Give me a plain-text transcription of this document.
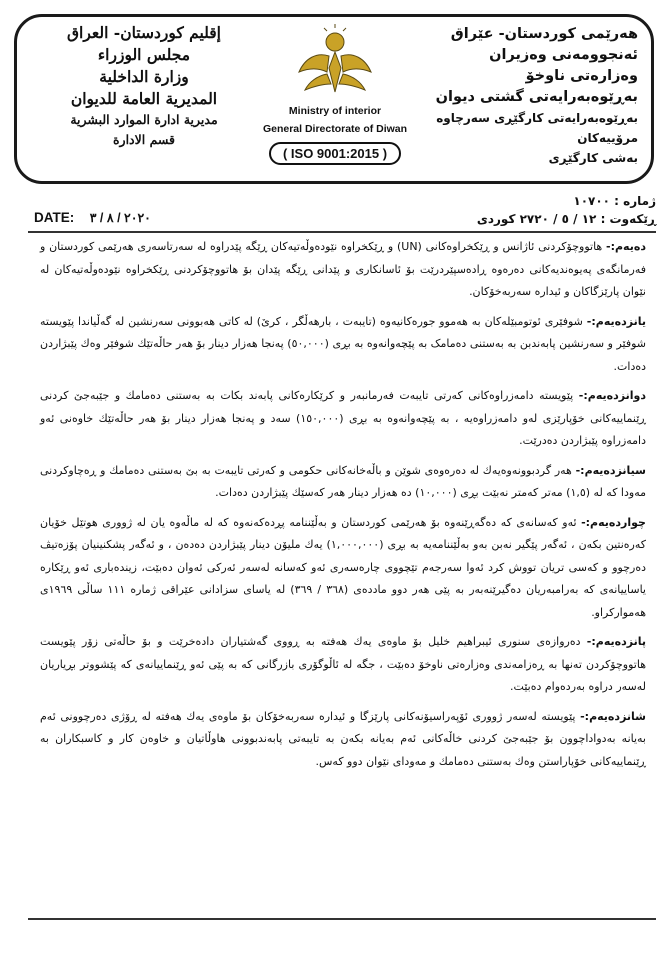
هەرێمی کوردستان- عێراق
ئەنجوومەنی وەزیران
وەزارەتی ناوخۆ
بەڕێوەبەرایەتی گشتی دیوان
بەڕێوەبەرایەتی کارگێڕی سەرچاوە مرۆییەکان
بەشی کارگێڕی
Ministry of interior
General Directorate of Diwan
( ISO 9001:2015 )
إقليم كوردستان- العراق
مجلس الوزراء
وزارة الداخلية
المديرية العامة للديوان
مديرية ادارة الموارد البشرية
قسم الادارة
ژمارە : ١٠٧٠٠
ڕێکەوت : ١٢ / ٥ / ٢٧٢٠ کوردی
DATE: ٢٠٢٠ / ٨ / ٣

دەیەم:- هاتووچۆکردنی ئاژانس و ڕێکخراوەکانی (UN) و ڕێکخراوە نێودەوڵەتیەکان ڕێگە پێدراوە لە سەرتاسەری هەرێمی کوردستان و فەرمانگەی پەیوەندیەکانی دەرەوە ڕادەسپێردرێت بۆ ئاسانکاری و پێدانی ڕێگە پێدان بۆ هاتووچۆکردنی ڕێکخراوە نێودەوڵەتیەکان لە نێوان پارێزگاکان و ئیدارە سەربەخۆکان.

یانزدەیەم:- شوفێری ئوتومبێلەکان بە هەموو جورەکانیەوە (تایبەت ، بارهەڵگر ، کرێ) لە کاتی هەبوونی سەرنشین لە گەڵیاندا پێویستە شوفێر و سەرنشین پابەندبن بە بەستنی دەمامک بە پێچەوانەوە بە بڕی (٥٠,٠٠٠) پەنجا هەزار دینار بۆ هەر حاڵەتێك شوفێر وەك پێبژاردن دەدات.

دوانزدەیەم:- پێویستە دامەزراوەکانی کەرتی تایبەت فەرمانبەر و کرێکارەکانی پابەند بکات بە بەستنی دەمامك و جێبەجێ کردنی ڕێنماییەکانی خۆپارێزی لەو دامەزراوەیە ، بە پێچەوانەوە بە بڕی (١٥٠,٠٠٠) سەد و پەنجا هەزار دینار بۆ هەر حاڵەتێك خاوەنی ئەو دامەزراوە پێبژاردن دەدرێت.

سیانزدەیەم:- هەر گردبوونەوەیەك لە دەرەوەی شوێن و باڵەخانەکانی حکومی و کەرتی تایبەت بە بێ بەستنی دەمامك و ڕەچاوکردنی مەودا کە لە (١,٥) مەتر کەمتر نەبێت بڕی (١٠,٠٠٠) دە هەزار دینار هەر کەسێك پێبژاردن دەدات.

چواردەیەم:- ئەو کەسانەی کە دەگەڕێنەوە بۆ هەرێمی کوردستان و بەڵێننامە پڕدەکەنەوە کە لە ماڵەوە یان لە ژووری هوتێل خۆیان کەرەنتین بکەن ، ئەگەر پێگیر نەبن بەو بەڵێننامەیە بە بڕی (١,٠٠٠,٠٠٠) یەك ملیۆن دینار پێبژاردن دەدەن ، و ئەگەر پشکنینیان پۆزەتیڤ دەرچوو و کەسی تریان تووش کرد ئەوا سەرجەم تێچووی چارەسەری ئەو کەسانە لەسەر ئەرکی ئەوان دەبێت، زیندەباری ئەو ڕێکارە یاساییانەی کە بەرامبەریان دەگیرێنەبەر بە پێی هەر دوو ماددەی (٣٦٨ / ٣٦٩) لە یاسای سزادانی عێراقی ژمارە ١١١ ساڵی ١٩٦٩ی هەموارکراو.

پانزدەیەم:- دەروازەی سنوری ئیبراهیم خلیل بۆ ماوەی یەك هەفتە بە ڕووی گەشتیاران دادەخرێت و بۆ حاڵەتی زۆر پێویست هاتووچۆکردن تەنها بە ڕەزامەندی وەزارەتی ناوخۆ دەبێت ، جگە لە ئاڵوگۆری بازرگانی کە بە پێی ئەو ڕێنماییانەی کە پێشووتر بڕیاریان لەسەر دراوە بەردەوام دەبێت.

شانزدەیەم:- پێویستە لەسەر ژووری ئۆپەراسیۆنەکانی پارێزگا و ئیدارە سەربەخۆکان بۆ ماوەی یەك هەفتە لە ڕۆژی دەرچوونی ئەم بەیانە بەدواداچوون بۆ جێبەجێ کردنی خاڵەکانی ئەم بەیانە بکەن بە تایبەتی پابەندبوونی هاوڵاتیان و خاوەن کار و کاسبکاران بە ڕێنماییەکانی خۆپاراستن وەك بەستنی دەمامك و مەودای نێوان دوو کەس.
